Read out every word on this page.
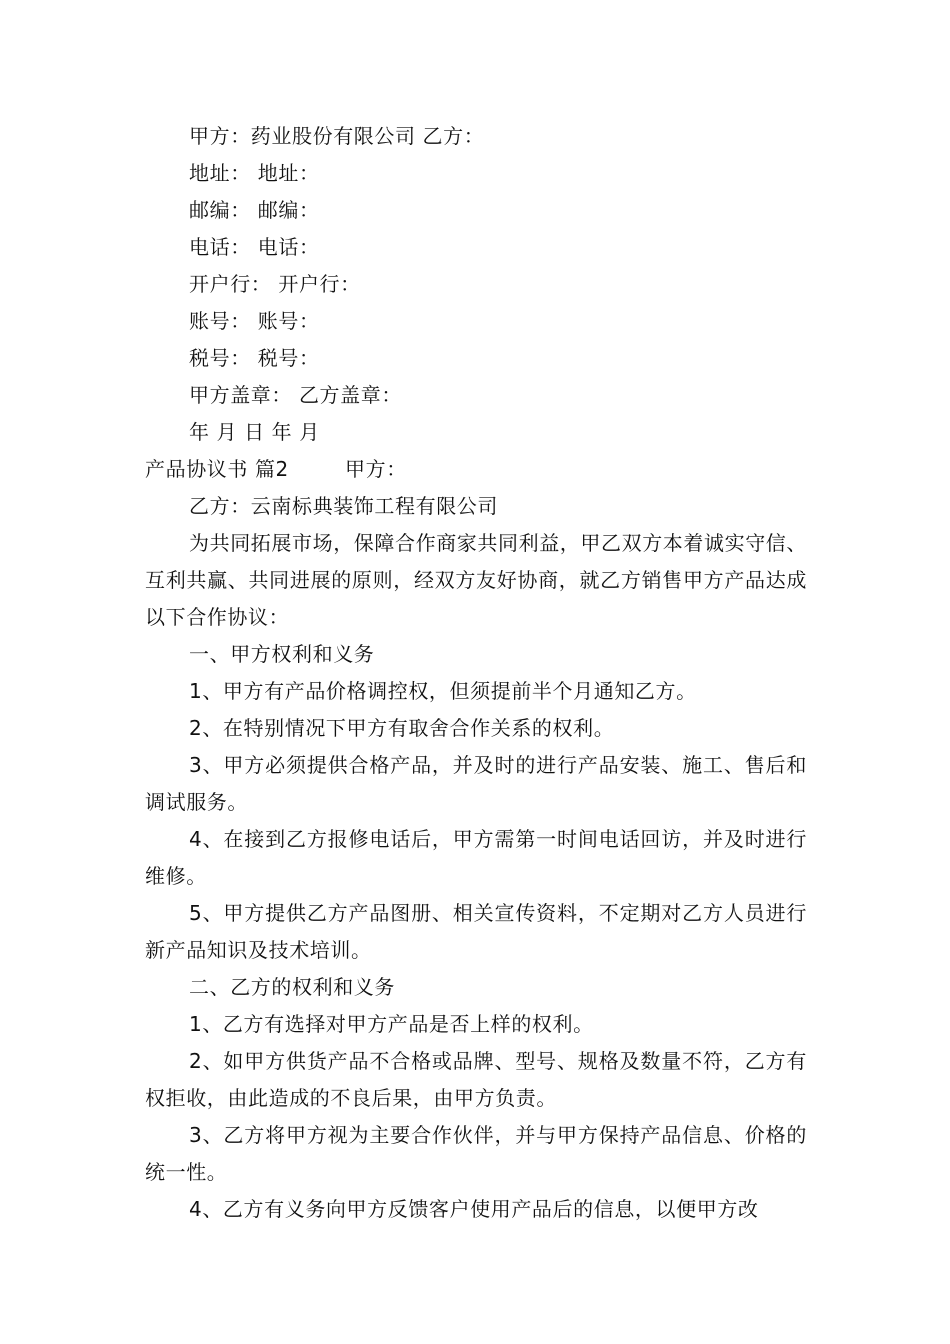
甲方：药业股份有限公司 乙方：

地址： 地址：

邮编： 邮编：

电话： 电话：

开户行： 开户行：

账号： 账号：

税号： 税号：

甲方盖章： 乙方盖章：

年 月 日 年 月

产品协议书 篇2	甲方：

乙方：云南标典装饰工程有限公司

为共同拓展市场，保障合作商家共同利益，甲乙双方本着诚实守信、互利共赢、共同进展的原则，经双方友好协商，就乙方销售甲方产品达成以下合作协议：

一、甲方权利和义务

1、甲方有产品价格调控权，但须提前半个月通知乙方。

2、在特别情况下甲方有取舍合作关系的权利。

3、甲方必须提供合格产品，并及时的进行产品安装、施工、售后和调试服务。

4、在接到乙方报修电话后，甲方需第一时间电话回访，并及时进行维修。

5、甲方提供乙方产品图册、相关宣传资料，不定期对乙方人员进行新产品知识及技术培训。

二、乙方的权利和义务

1、乙方有选择对甲方产品是否上样的权利。

2、如甲方供货产品不合格或品牌、型号、规格及数量不符，乙方有权拒收，由此造成的不良后果，由甲方负责。

3、乙方将甲方视为主要合作伙伴，并与甲方保持产品信息、价格的统一性。

4、乙方有义务向甲方反馈客户使用产品后的信息，以便甲方改
